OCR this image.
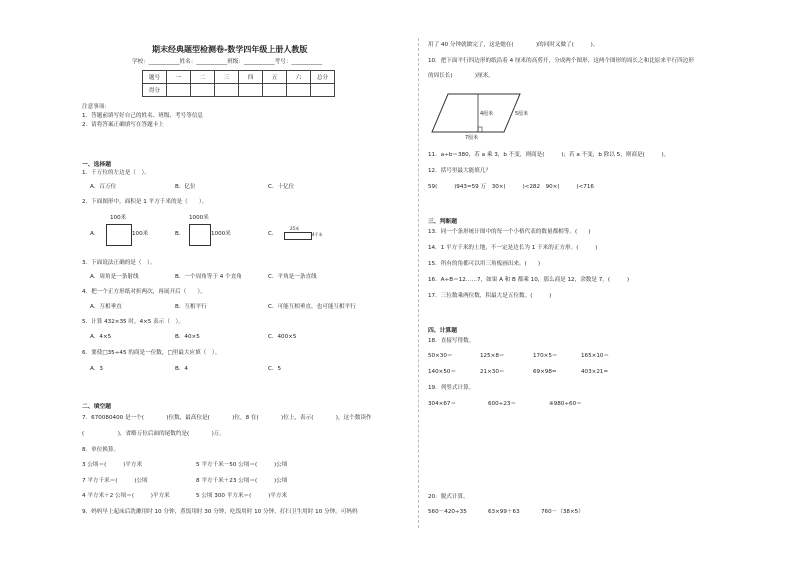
期末经典题型检测卷-数学四年级上册人教版
学校：___________姓名：___________班级：___________考号：___________
题号	一	二	三	四	五	六	总分
得分							
注意事项：
1．答题前填写好自己的姓名、班级、考号等信息
2．请将答案正确填写在答题卡上
一、选择题
1．千万位的左边是（　）。
A．百万位	B．亿位	C．十亿位
2．下面图形中，面积是 1 平方千米的是（　　）。
A．
100米
100米	B．
1000米
1000米	C．
25米
4千米
3．下面说法正确的是（　）。
A．周角是一条射线	B．一个周角等于 4 个直角	C．平角是一条直线
4．把一个正方形纸对折两次，再展开后（　　）。
A．互相垂直	B．互相平行	C．可能互相垂直，也可能互相平行
5．计算 432×35 时，4×5 表示（　）。
A．4×5	B．40×5	C．400×5
6．要使□35÷45 的商是一位数，□里最大应填（　）。
A．3	B．4	C．5
二、填空题
7．670080400 是一个(　　　　)位数，最高位是(　　　　)位，8 在(　　　　)位上，表示(　　　　)，这个数读作
(　　　　　　)，省略万位后面的尾数约是(　　　　)万。
8．单位换算。
3 公顷＝(　　　)平方米	5 平方千米－50 公顷＝(　　　)公顷
7 平方千米＝(　　　)公顷	8 平方千米＋23 公顷＝(　　　)公顷
4 平方米＋2 公顷＝(　　　)平方米	5 公顷 300 平方米＝(　　　)平方米
9．妈妈早上起床后洗漱用时 10 分钟，煮饭用时 30 分钟，吃饭用时 10 分钟，打扫卫生用时 10 分钟。可妈妈
用了 40 分钟就做完了，这是她在(　　　　)的同时又做了(　　　)。
10．把下面平行四边形的纸沿着 4 厘米的高剪开，分成两个图形，这两个图形的周长之和比原来平行四边形
的周长长(　　　　)厘米。
4厘米	5厘米
7厘米
11．a÷b＝380，若 a 乘 3，b 不变，则商是(　　　)；若 a 不变，b 除以 5，则商是(　　　)。
12．括号里最大能填几？
59(　　　)943≈59 万　30×(　　　)<282　90×(　　　)<716
三、判断题
13．同一个条形统计图中的每一个小格代表的数量都相等。(　　)
14．1 平方千米的土地，不一定是边长为 1 千米的正方形。(　　　)
15．所有的角都可以用三角板画出来。(　　)
16．A÷B＝12……7，如果 A 和 B 都乘 10，那么商是 12，余数是 7。(　　　)
17．三位数乘两位数，积最大是五位数。(　　　)
四、计算题
18．直接写得数。
50×30＝	125×8＝	170×5＝	165×10＝
140×50＝	21×30＝	69×98≈	403×21≈
19．列竖式计算。
304×67＝	600÷23＝	※980÷60＝
20．脱式计算。
560－420÷35	63×99＋63	760－（38×5）
